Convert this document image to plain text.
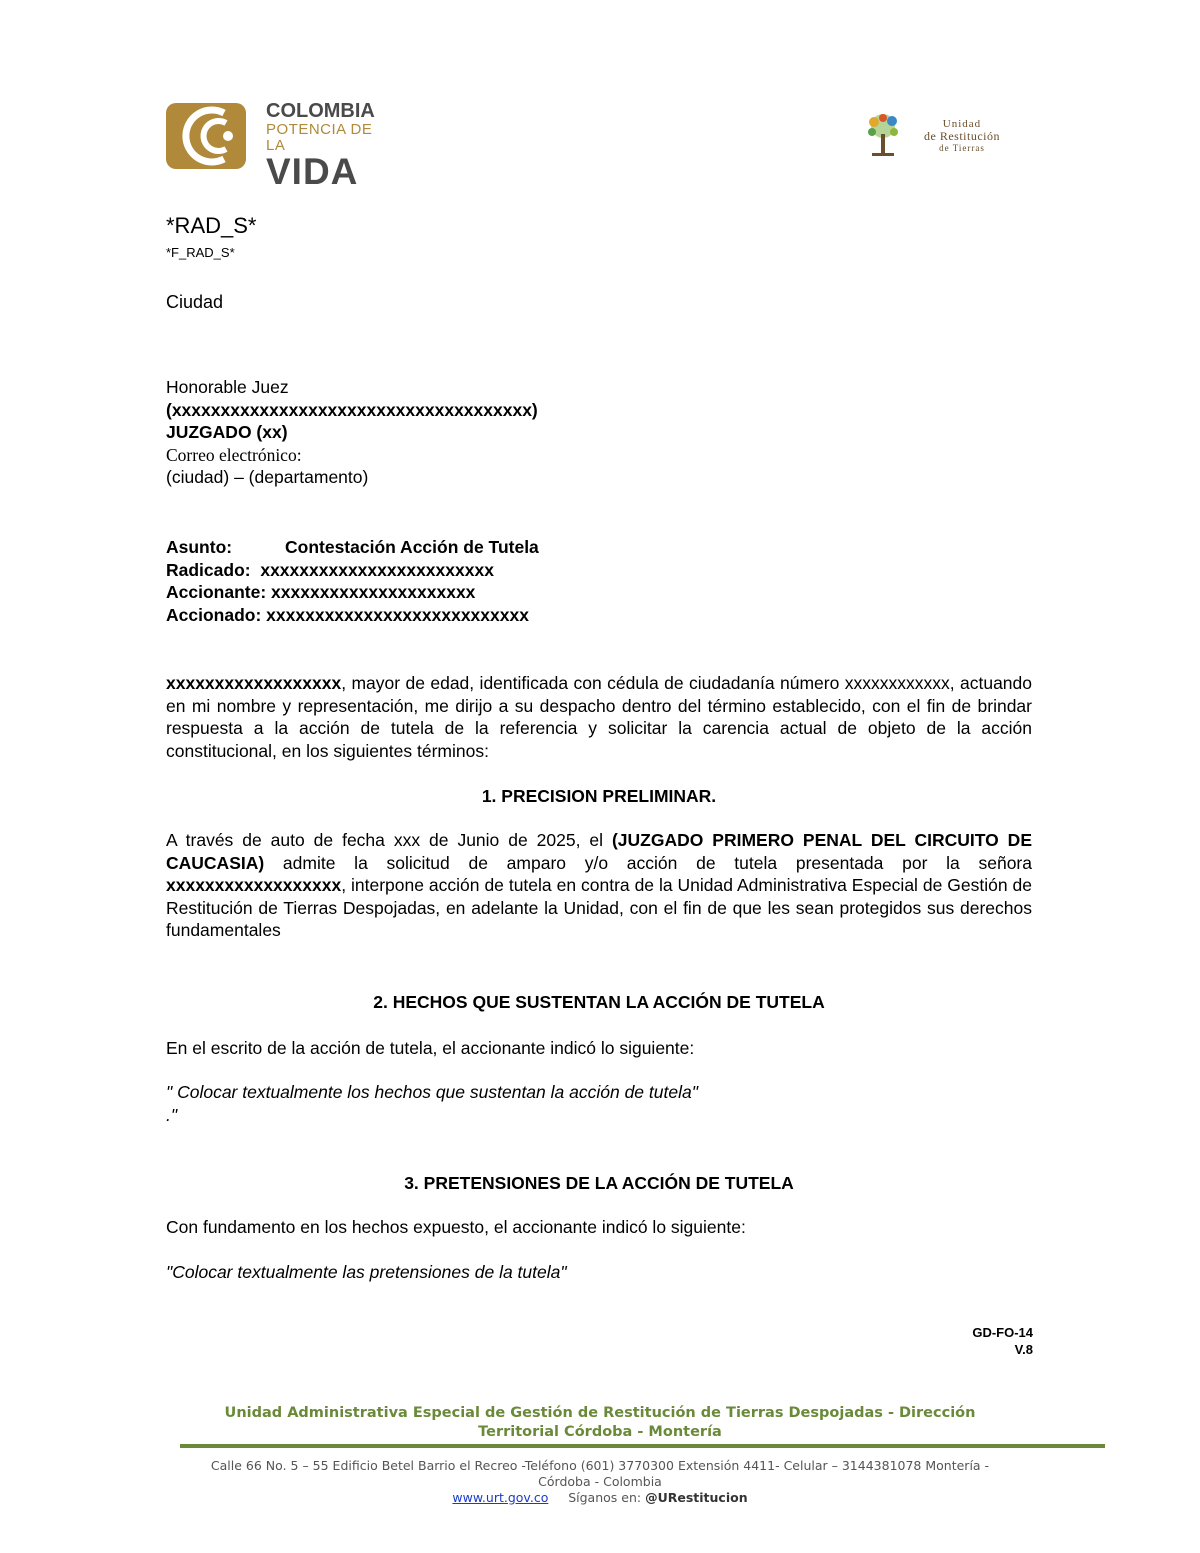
COLOMBIA
POTENCIA DE LA
VIDA
Unidad
de Restitución
de Tierras
*RAD_S*
*F_RAD_S*
Ciudad
Honorable Juez
(xxxxxxxxxxxxxxxxxxxxxxxxxxxxxxxxxxxxx)
JUZGADO (xx)
Correo electrónico:
(ciudad) – (departamento)
Asunto:	Contestación Acción de Tutela
Radicado: xxxxxxxxxxxxxxxxxxxxxxxx
Accionante: xxxxxxxxxxxxxxxxxxxxx
Accionado: xxxxxxxxxxxxxxxxxxxxxxxxxxx
xxxxxxxxxxxxxxxxxx, mayor de edad, identificada con cédula de ciudadanía número xxxxxxxxxxxx, actuando en mi nombre y representación, me dirijo a su despacho dentro del término establecido, con el fin de brindar respuesta a la acción de tutela de la referencia y solicitar la carencia actual de objeto de la acción constitucional, en los siguientes términos:
1. PRECISION PRELIMINAR.
A través de auto de fecha xxx de Junio de 2025, el (JUZGADO PRIMERO PENAL DEL CIRCUITO DE CAUCASIA) admite la solicitud de amparo y/o acción de tutela presentada por la señora xxxxxxxxxxxxxxxxxx, interpone acción de tutela en contra de la Unidad Administrativa Especial de Gestión de Restitución de Tierras Despojadas, en adelante la Unidad, con el fin de que les sean protegidos sus derechos fundamentales
2. HECHOS QUE SUSTENTAN LA ACCIÓN DE TUTELA
En el escrito de la acción de tutela, el accionante indicó lo siguiente:
" Colocar textualmente los hechos que sustentan la acción de tutela"
."
3. PRETENSIONES DE LA ACCIÓN DE TUTELA
Con fundamento en los hechos expuesto, el accionante indicó lo siguiente:
"Colocar textualmente las pretensiones de la tutela"
GD-FO-14
V.8
Unidad Administrativa Especial de Gestión de Restitución de Tierras Despojadas - Dirección
Territorial Córdoba - Montería
Calle 66 No. 5 – 55 Edificio Betel Barrio el Recreo -Teléfono (601) 3770300 Extensión 4411- Celular – 3144381078 Montería -
Córdoba - Colombia
www.urt.gov.co Síganos en: @URestitucion
